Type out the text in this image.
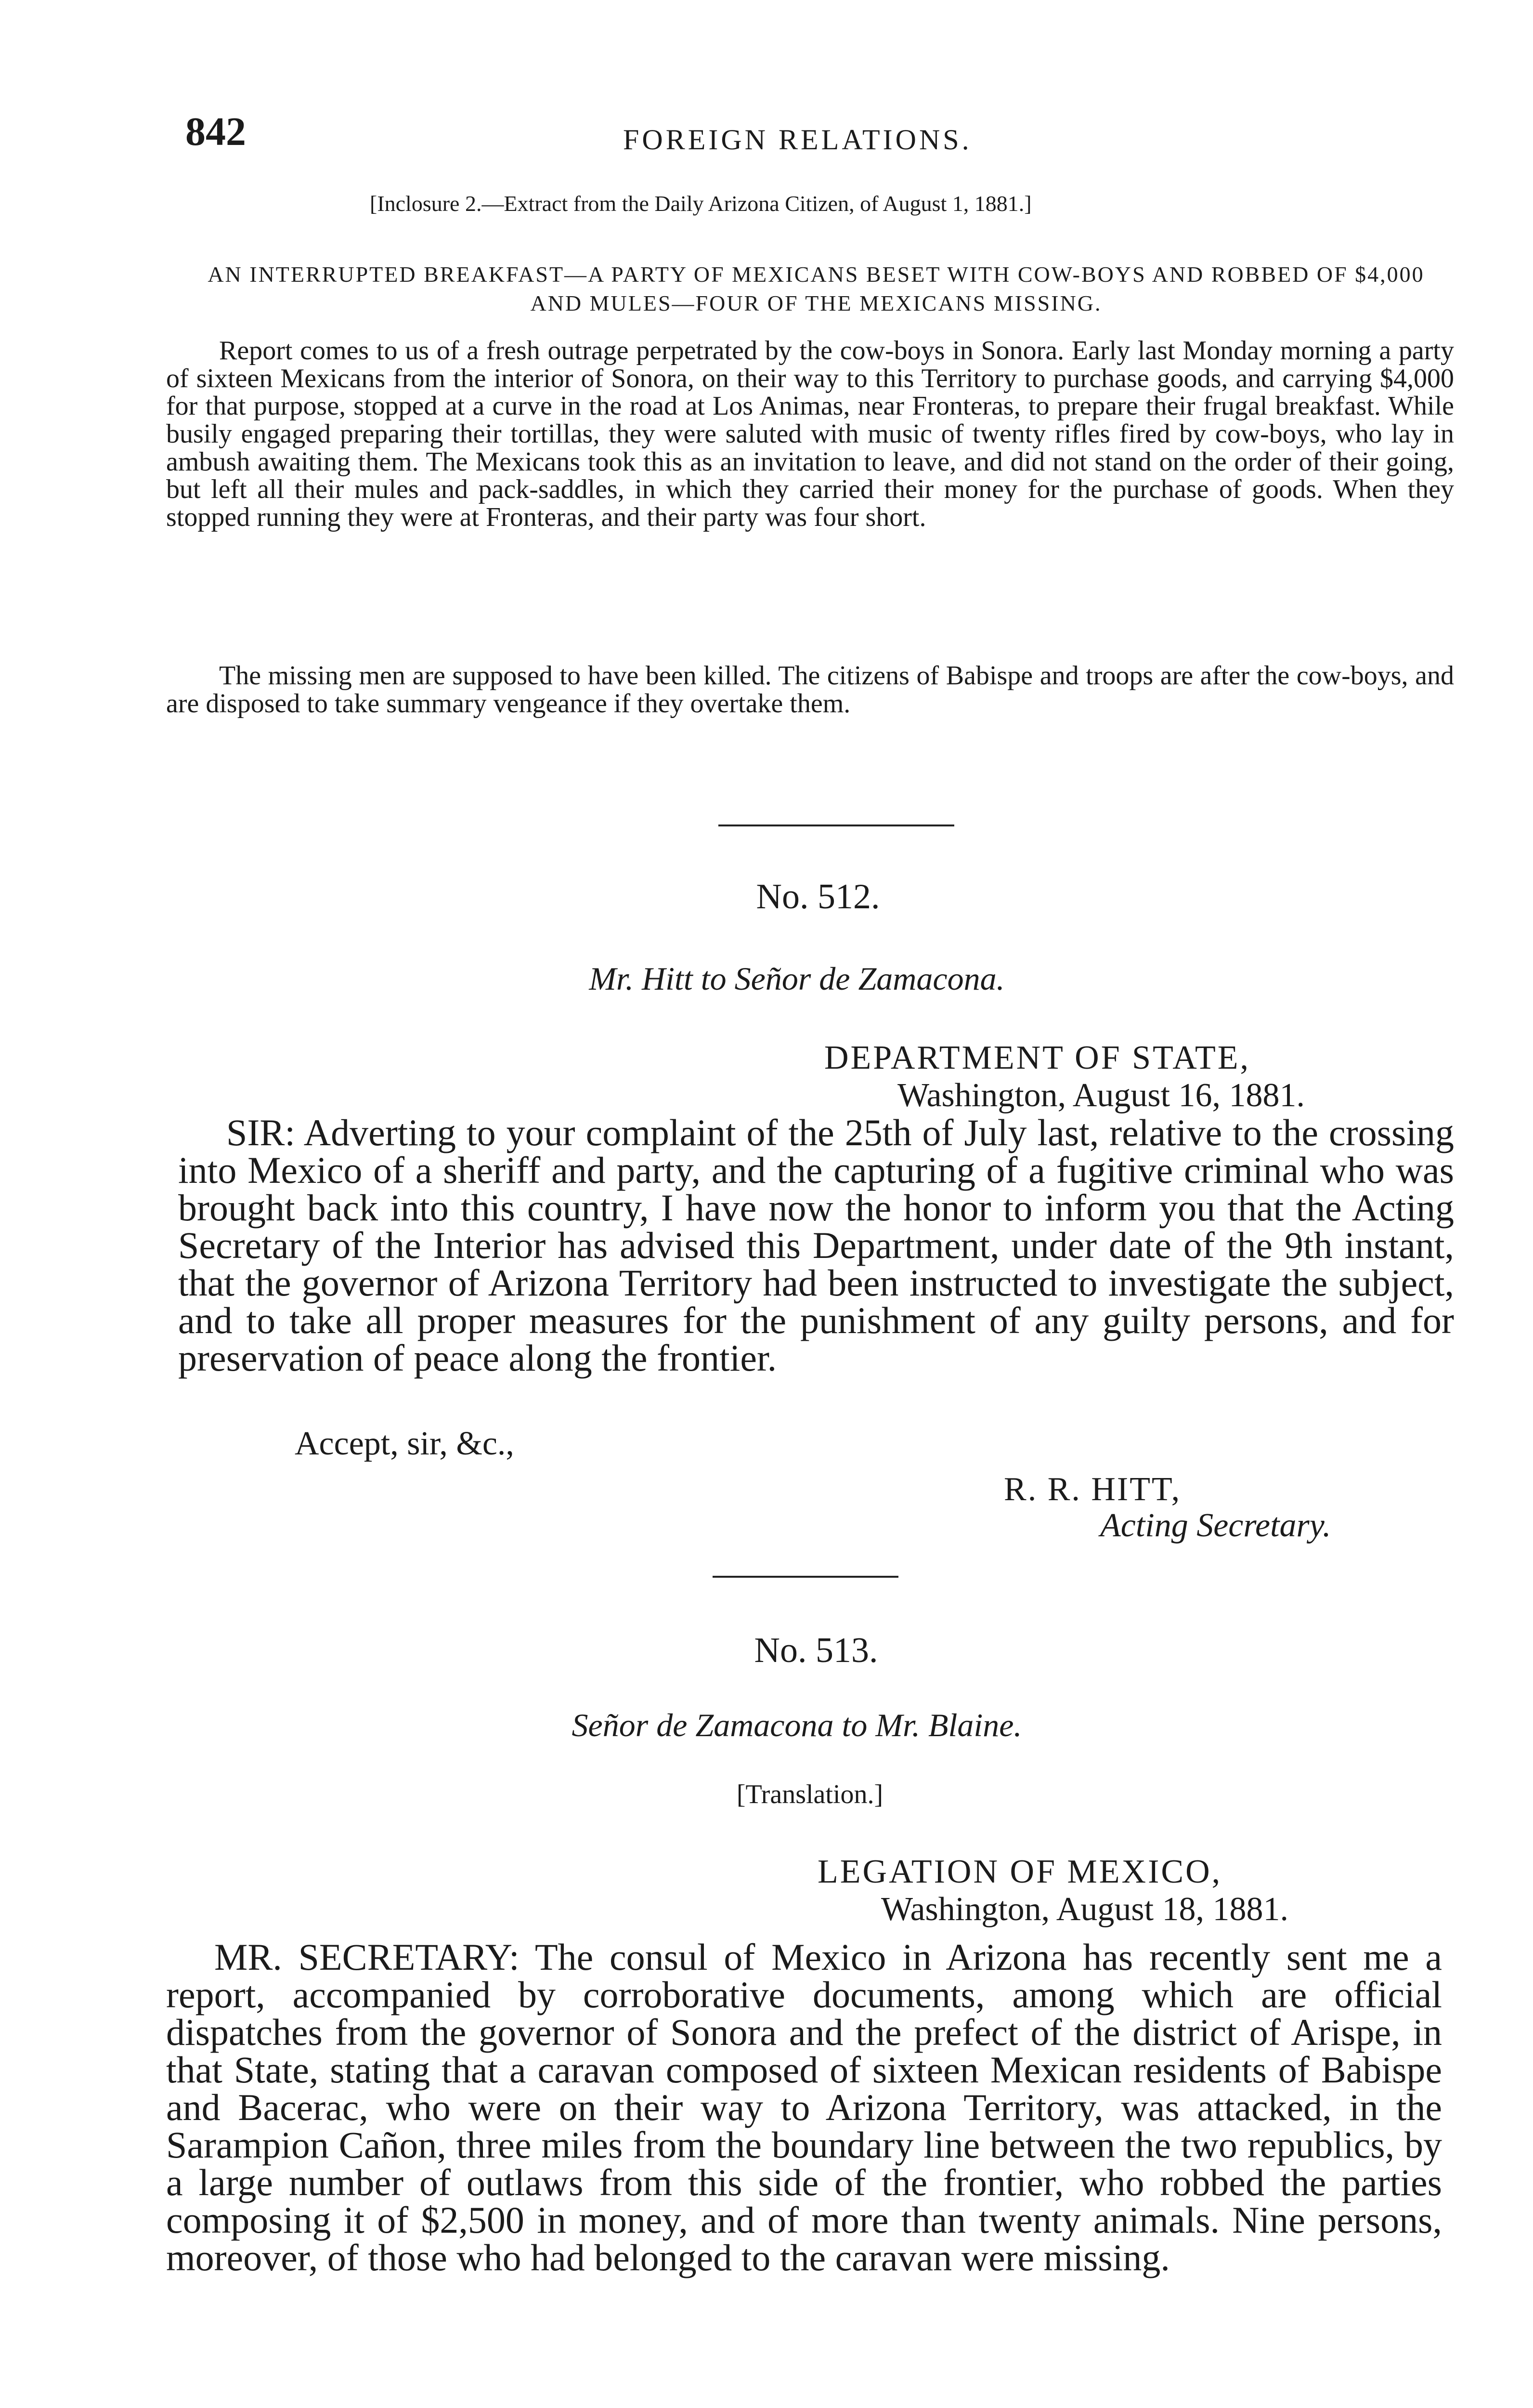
842	FOREIGN RELATIONS.
[Inclosure 2.—Extract from the Daily Arizona Citizen, of August 1, 1881.]
AN INTERRUPTED BREAKFAST—A PARTY OF MEXICANS BESET WITH COW-BOYS AND ROBBED OF $4,000 AND MULES—FOUR OF THE MEXICANS MISSING.

Report comes to us of a fresh outrage perpetrated by the cow-boys in Sonora. Early last Monday morning a party of sixteen Mexicans from the interior of Sonora, on their way to this Territory to purchase goods, and carrying $4,000 for that purpose, stopped at a curve in the road at Los Animas, near Fronteras, to prepare their frugal breakfast. While busily engaged preparing their tortillas, they were saluted with music of twenty rifles fired by cow-boys, who lay in ambush awaiting them. The Mexicans took this as an invitation to leave, and did not stand on the order of their going, but left all their mules and pack-saddles, in which they carried their money for the purchase of goods. When they stopped running they were at Fronteras, and their party was four short.

The missing men are supposed to have been killed. The citizens of Babispe and troops are after the cow-boys, and are disposed to take summary vengeance if they overtake them.

No. 512.
Mr. Hitt to Señor de Zamacona.
DEPARTMENT OF STATE,
Washington, August 16, 1881.

SIR: Adverting to your complaint of the 25th of July last, relative to the crossing into Mexico of a sheriff and party, and the capturing of a fugitive criminal who was brought back into this country, I have now the honor to inform you that the Acting Secretary of the Interior has advised this Department, under date of the 9th instant, that the governor of Arizona Territory had been instructed to investigate the subject, and to take all proper measures for the punishment of any guilty persons, and for preservation of peace along the frontier.

Accept, sir, &c.,
R. R. HITT,
Acting Secretary.
No. 513.
Señor de Zamacona to Mr. Blaine.
[Translation.]
LEGATION OF MEXICO,
Washington, August 18, 1881.

MR. SECRETARY: The consul of Mexico in Arizona has recently sent me a report, accompanied by corroborative documents, among which are official dispatches from the governor of Sonora and the prefect of the district of Arispe, in that State, stating that a caravan composed of sixteen Mexican residents of Babispe and Bacerac, who were on their way to Arizona Territory, was attacked, in the Sarampion Cañon, three miles from the boundary line between the two republics, by a large number of outlaws from this side of the frontier, who robbed the parties composing it of $2,500 in money, and of more than twenty animals. Nine persons, moreover, of those who had belonged to the caravan were missing.
